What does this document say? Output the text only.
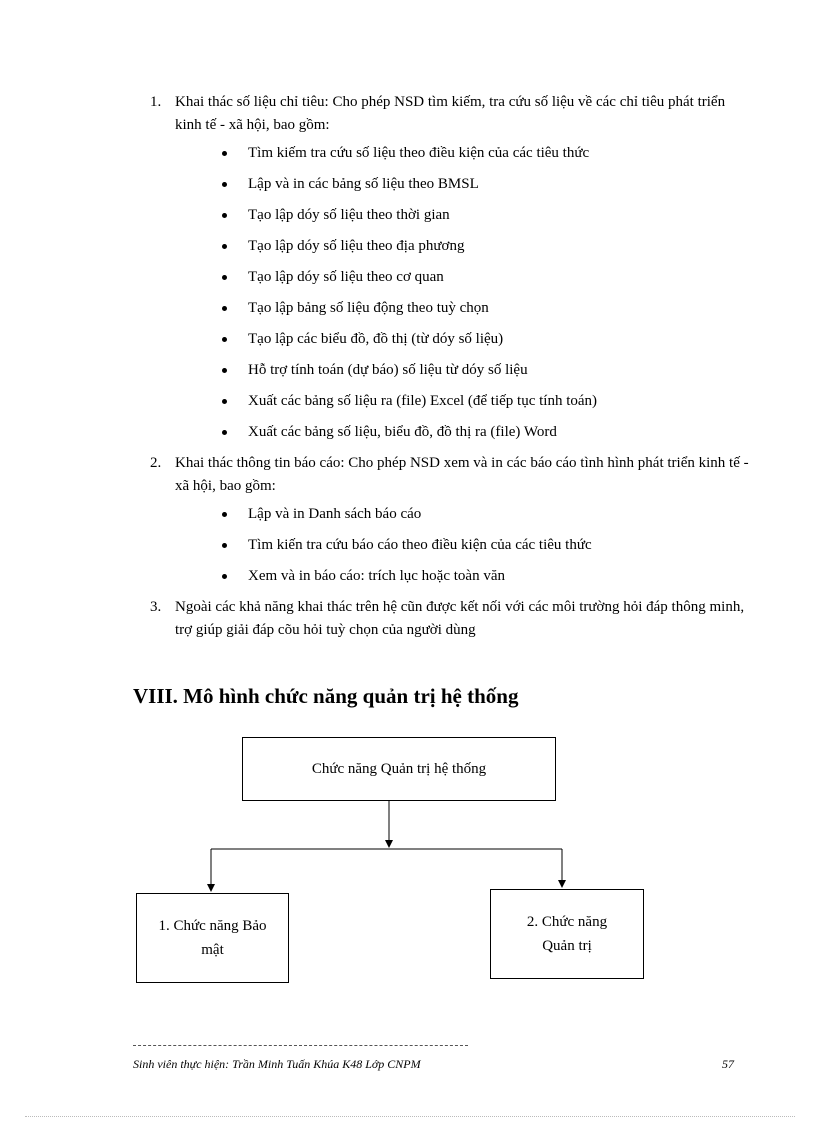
1. Khai thác số liệu chỉ tiêu: Cho phép NSD tìm kiếm, tra cứu số liệu về các chỉ tiêu phát triển kinh tế - xã hội, bao gồm:
Tìm kiếm tra cứu số liệu theo điều kiện của các tiêu thức
Lập và in các bảng số liệu theo BMSL
Tạo lập dóy số liệu theo thời gian
Tạo lập dóy số liệu theo địa phương
Tạo lập dóy số liệu theo cơ quan
Tạo lập bảng số liệu động theo tuỳ chọn
Tạo lập các biểu đồ, đồ thị (từ dóy số liệu)
Hỗ trợ tính toán (dự báo) số liệu từ dóy số liệu
Xuất các bảng số liệu ra (file) Excel (để tiếp tục tính toán)
Xuất các bảng số liệu, biểu đồ, đồ thị ra (file) Word
2. Khai thác thông tin báo cáo: Cho phép NSD xem và in các báo cáo tình hình phát triển kinh tế - xã hội, bao gồm:
Lập và in Danh sách báo cáo
Tìm kiến tra cứu báo cáo theo điều kiện của các tiêu thức
Xem và in báo cáo: trích lục hoặc toàn văn
3. Ngoài các khả năng khai thác trên hệ cũn được kết nối với các môi trường hỏi đáp thông minh, trợ giúp giải đáp cõu hỏi tuỳ chọn của người dùng
VIII. Mô hình chức năng quản trị hệ thống
Chức năng Quản trị hệ thống
1. Chức năng Bảo mật
2. Chức năng Quản trị
Sinh viên thực hiện: Trần Minh Tuấn Khúa K48 Lớp CNPM	57
